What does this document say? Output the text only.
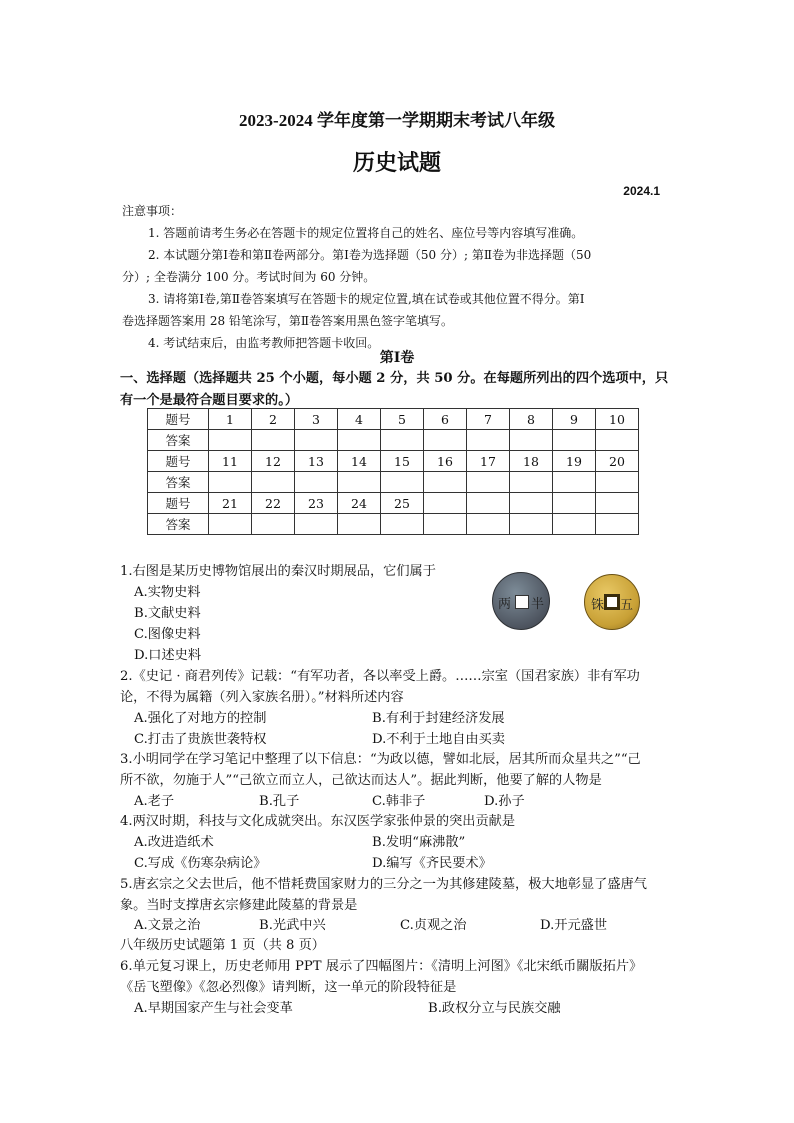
2023-2024 学年度第一学期期末考试八年级
历史试题
2024.1
注意事项：
1. 答题前请考生务必在答题卡的规定位置将自己的姓名、座位号等内容填写准确。
2. 本试题分第Ⅰ卷和第Ⅱ卷两部分。第Ⅰ卷为选择题（50 分）; 第Ⅱ卷为非选择题（50
分）; 全卷满分 100 分。考试时间为 60 分钟。
3. 请将第Ⅰ卷,第Ⅱ卷答案填写在答题卡的规定位置,填在试卷或其他位置不得分。第Ⅰ
卷选择题答案用 28 铅笔涂写，第Ⅱ卷答案用黑色签字笔填写。
4. 考试结束后，由监考教师把答题卡收回。
第Ⅰ卷
一、选择题（选择题共 25 个小题，每小题 2 分，共 50 分。在每题所列出的四个选项中，只
有一个是最符合题目要求的。）
题号	1	2	3	4	5	6	7	8	9	10
答案										
题号	11	12	13	14	15	16	17	18	19	20
答案										
题号	21	22	23	24	25					
答案										
两 半	铢 五
1.右图是某历史博物馆展出的秦汉时期展品，它们属于
A.实物史料
B.文献史料
C.图像史料
D.口述史料
2.《史记 · 商君列传》记载：“有军功者，各以率受上爵。……宗室（国君家族）非有军功
论，不得为属籍（列入家族名册）。”材料所述内容
A.强化了对地方的控制	B.有利于封建经济发展
C.打击了贵族世袭特权	D.不利于土地自由买卖
3.小明同学在学习笔记中整理了以下信息：“为政以德，譬如北辰，居其所而众星共之”“己
所不欲，勿施于人”“己欲立而立人，己欲达而达人”。据此判断，他要了解的人物是
A.老子	B.孔子	C.韩非子	D.孙子
4.两汉时期，科技与文化成就突出。东汉医学家张仲景的突出贡献是
A.改进造纸术	B.发明“麻沸散”
C.写成《伤寒杂病论》	D.编写《齐民要术》
5.唐玄宗之父去世后，他不惜耗费国家财力的三分之一为其修建陵墓，极大地彰显了盛唐气
象。当时支撑唐玄宗修建此陵墓的背景是
A.文景之治	B.光武中兴	C.贞观之治	D.开元盛世
八年级历史试题第 1 页（共 8 页）
6.单元复习课上，历史老师用 PPT 展示了四幅图片：《清明上河图》《北宋纸币關版拓片》
《岳飞塑像》《忽必烈像》请判断，这一单元的阶段特征是
A.早期国家产生与社会变革	B.政权分立与民族交融
